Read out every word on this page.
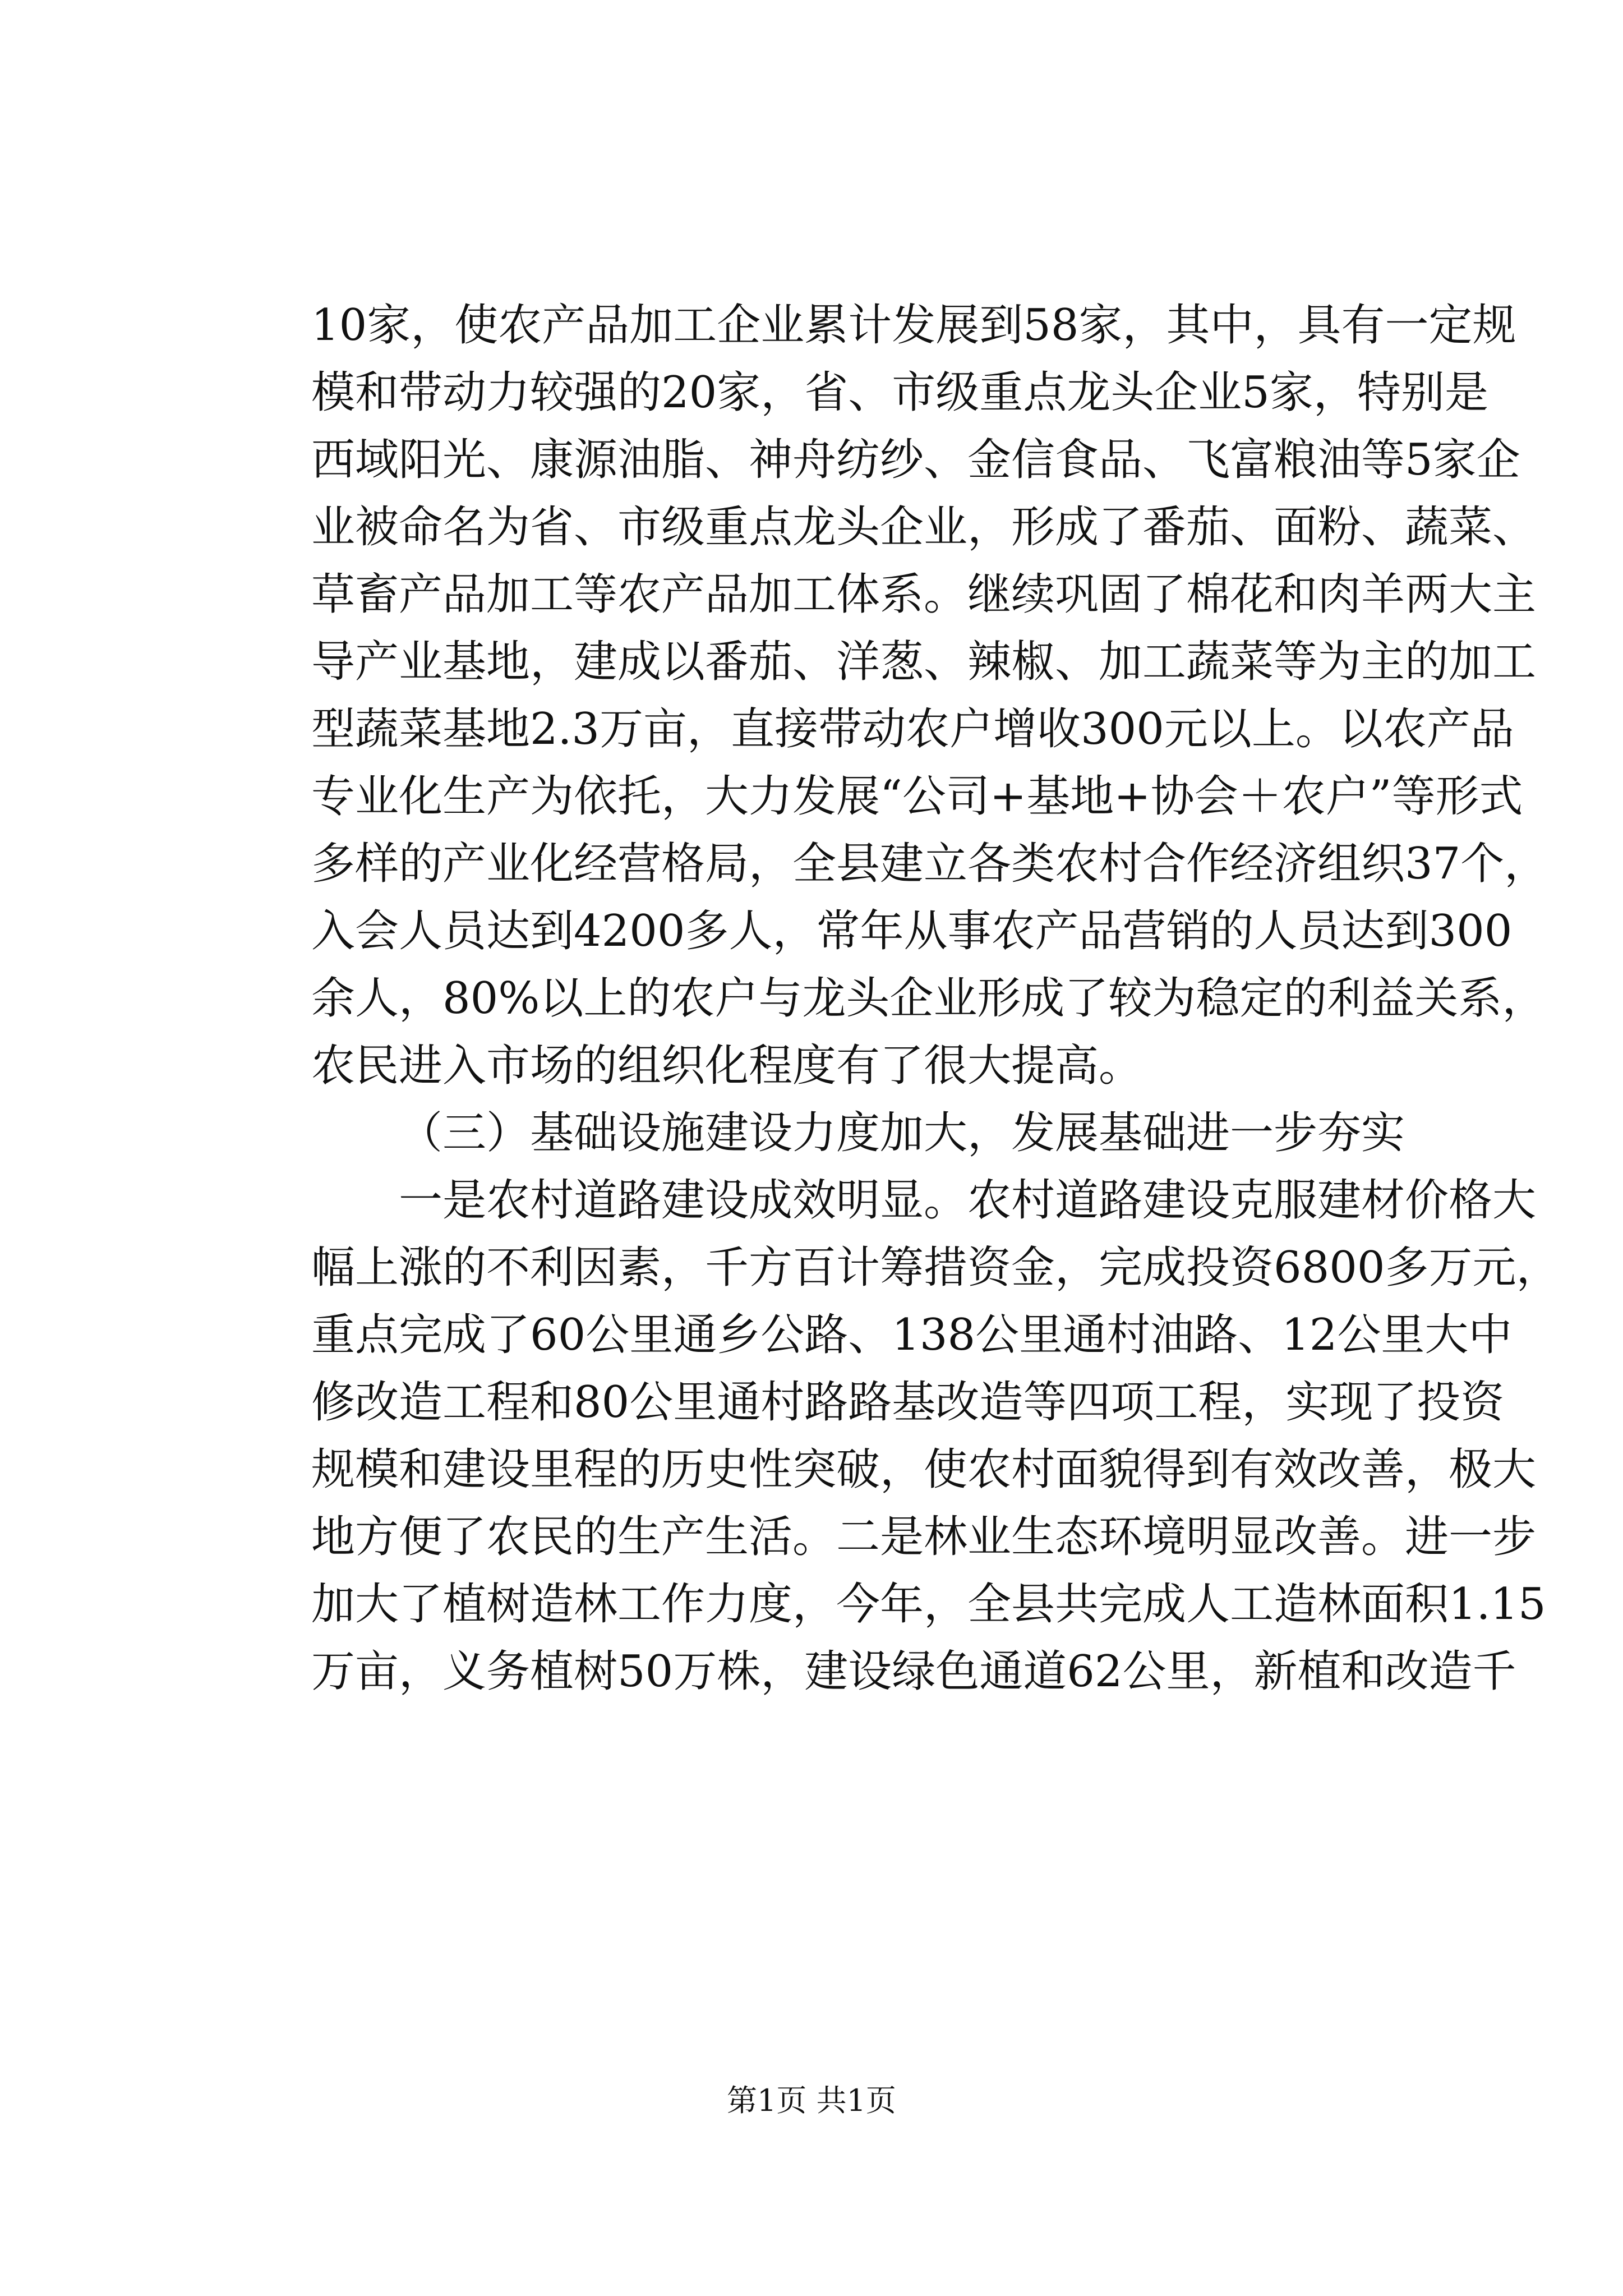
10家，使农产品加工企业累计发展到58家，其中，具有一定规
模和带动力较强的20家，省、市级重点龙头企业5家，特别是
西域阳光、康源油脂、神舟纺纱、金信食品、飞富粮油等5家企
业被命名为省、市级重点龙头企业，形成了番茄、面粉、蔬菜、
草畜产品加工等农产品加工体系。继续巩固了棉花和肉羊两大主
导产业基地，建成以番茄、洋葱、辣椒、加工蔬菜等为主的加工
型蔬菜基地2.3万亩，直接带动农户增收300元以上。以农产品
专业化生产为依托，大力发展“公司+基地+协会＋农户”等形式
多样的产业化经营格局，全县建立各类农村合作经济组织37个，
入会人员达到4200多人，常年从事农产品营销的人员达到300
余人，80%以上的农户与龙头企业形成了较为稳定的利益关系，
农民进入市场的组织化程度有了很大提高。
（三）基础设施建设力度加大，发展基础进一步夯实
一是农村道路建设成效明显。农村道路建设克服建材价格大
幅上涨的不利因素，千方百计筹措资金，完成投资6800多万元，
重点完成了60公里通乡公路、138公里通村油路、12公里大中
修改造工程和80公里通村路路基改造等四项工程，实现了投资
规模和建设里程的历史性突破，使农村面貌得到有效改善，极大
地方便了农民的生产生活。二是林业生态环境明显改善。进一步
加大了植树造林工作力度，今年，全县共完成人工造林面积1.15
万亩，义务植树50万株，建设绿色通道62公里，新植和改造千
第1页 共1页
